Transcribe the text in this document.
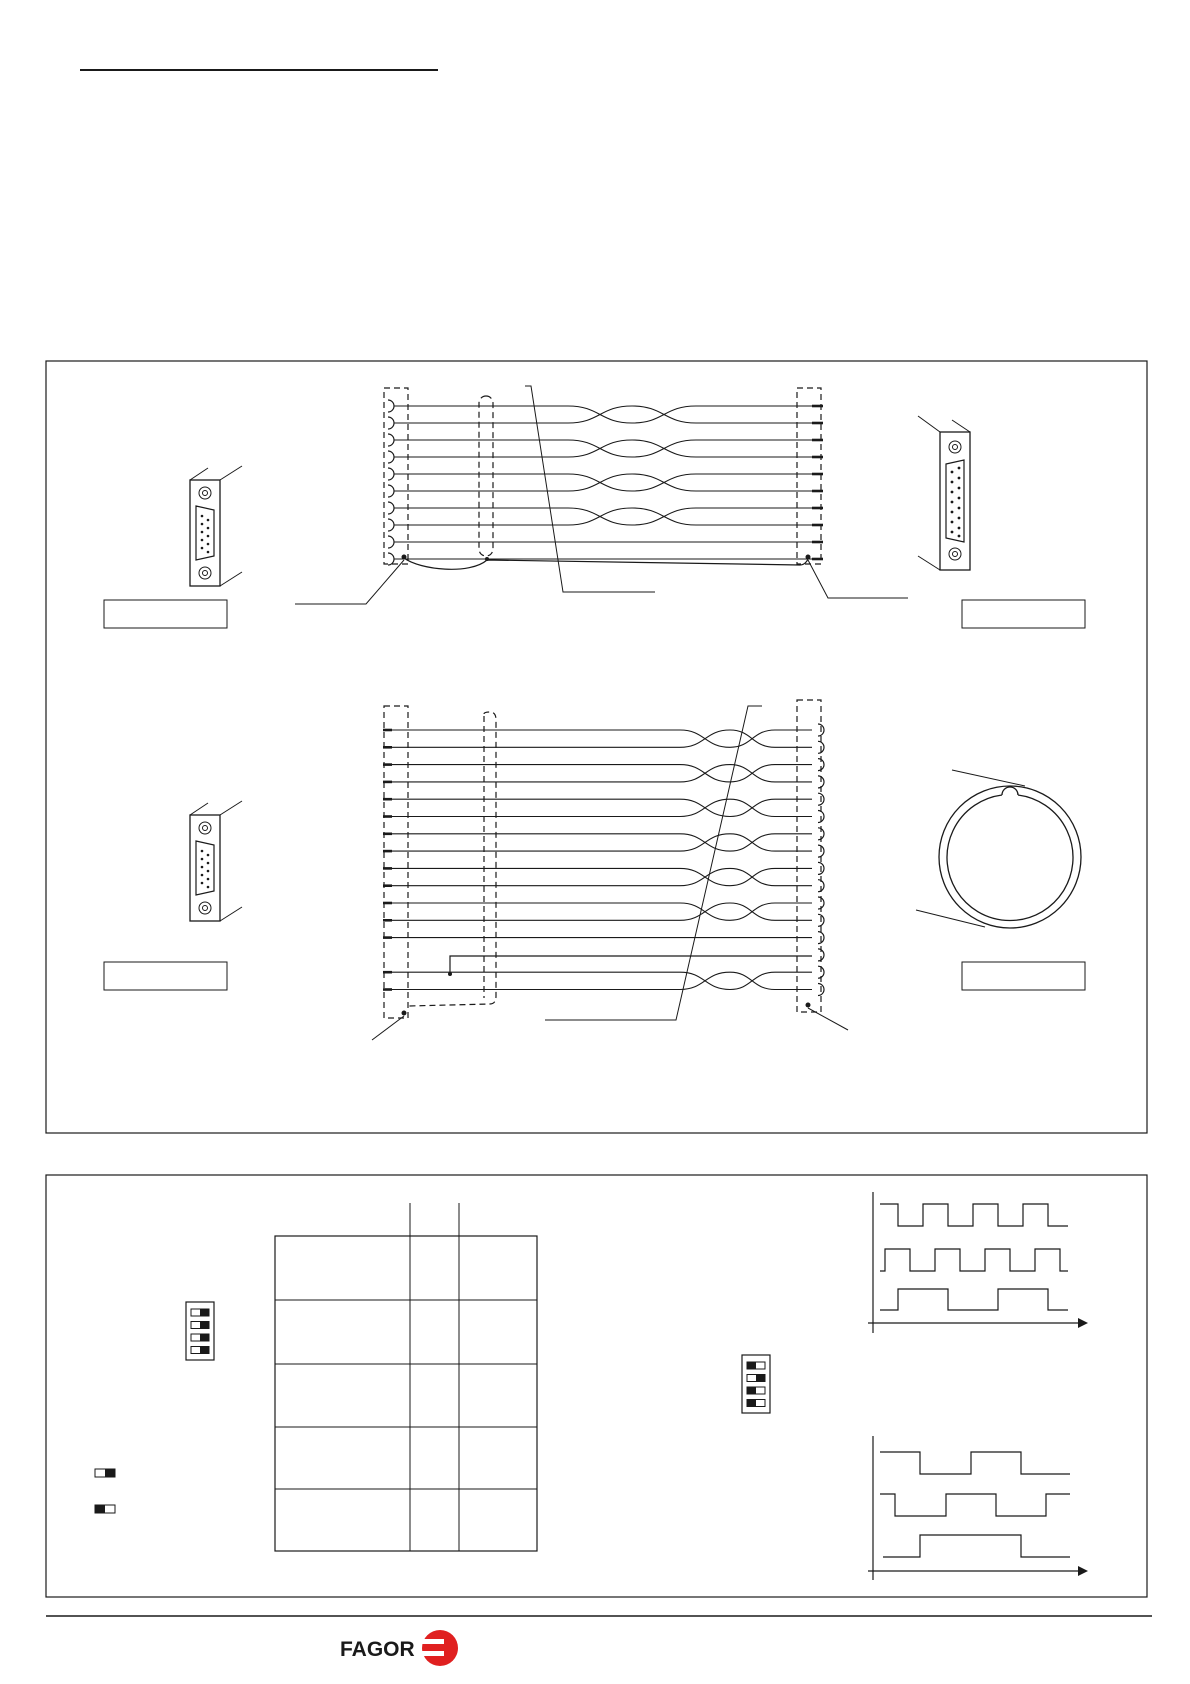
FAGOR
